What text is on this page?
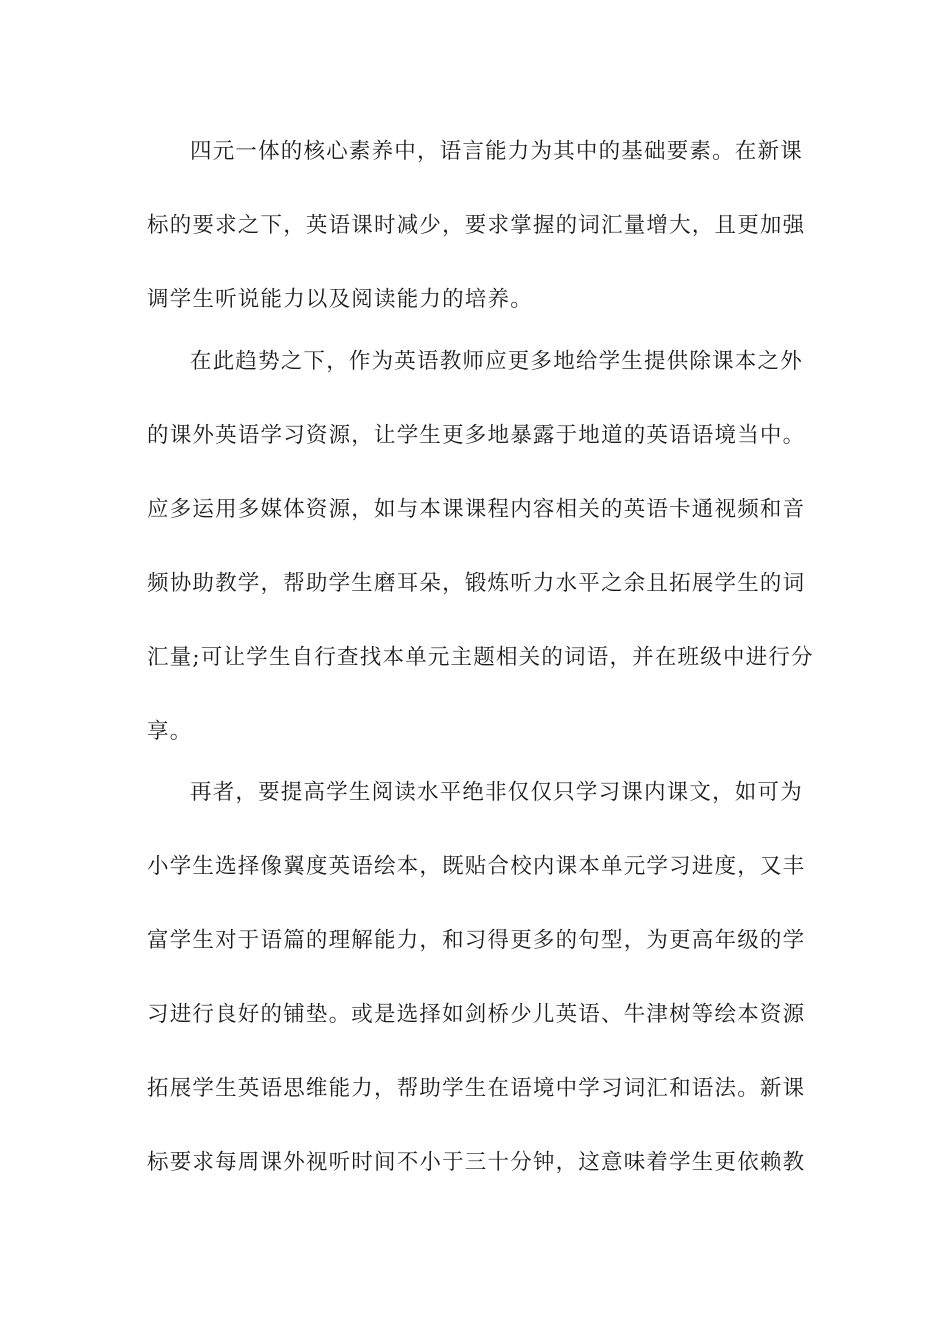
四元一体的核心素养中，语言能力为其中的基础要素。在新课

标的要求之下，英语课时减少，要求掌握的词汇量增大，且更加强

调学生听说能力以及阅读能力的培养。

在此趋势之下，作为英语教师应更多地给学生提供除课本之外

的课外英语学习资源，让学生更多地暴露于地道的英语语境当中。

应多运用多媒体资源，如与本课课程内容相关的英语卡通视频和音

频协助教学，帮助学生磨耳朵，锻炼听力水平之余且拓展学生的词

汇量;可让学生自行查找本单元主题相关的词语，并在班级中进行分

享。

再者，要提高学生阅读水平绝非仅仅只学习课内课文，如可为

小学生选择像翼度英语绘本，既贴合校内课本单元学习进度，又丰

富学生对于语篇的理解能力，和习得更多的句型，为更高年级的学

习进行良好的铺垫。或是选择如剑桥少儿英语、牛津树等绘本资源

拓展学生英语思维能力，帮助学生在语境中学习词汇和语法。新课

标要求每周课外视听时间不小于三十分钟，这意味着学生更依赖教
